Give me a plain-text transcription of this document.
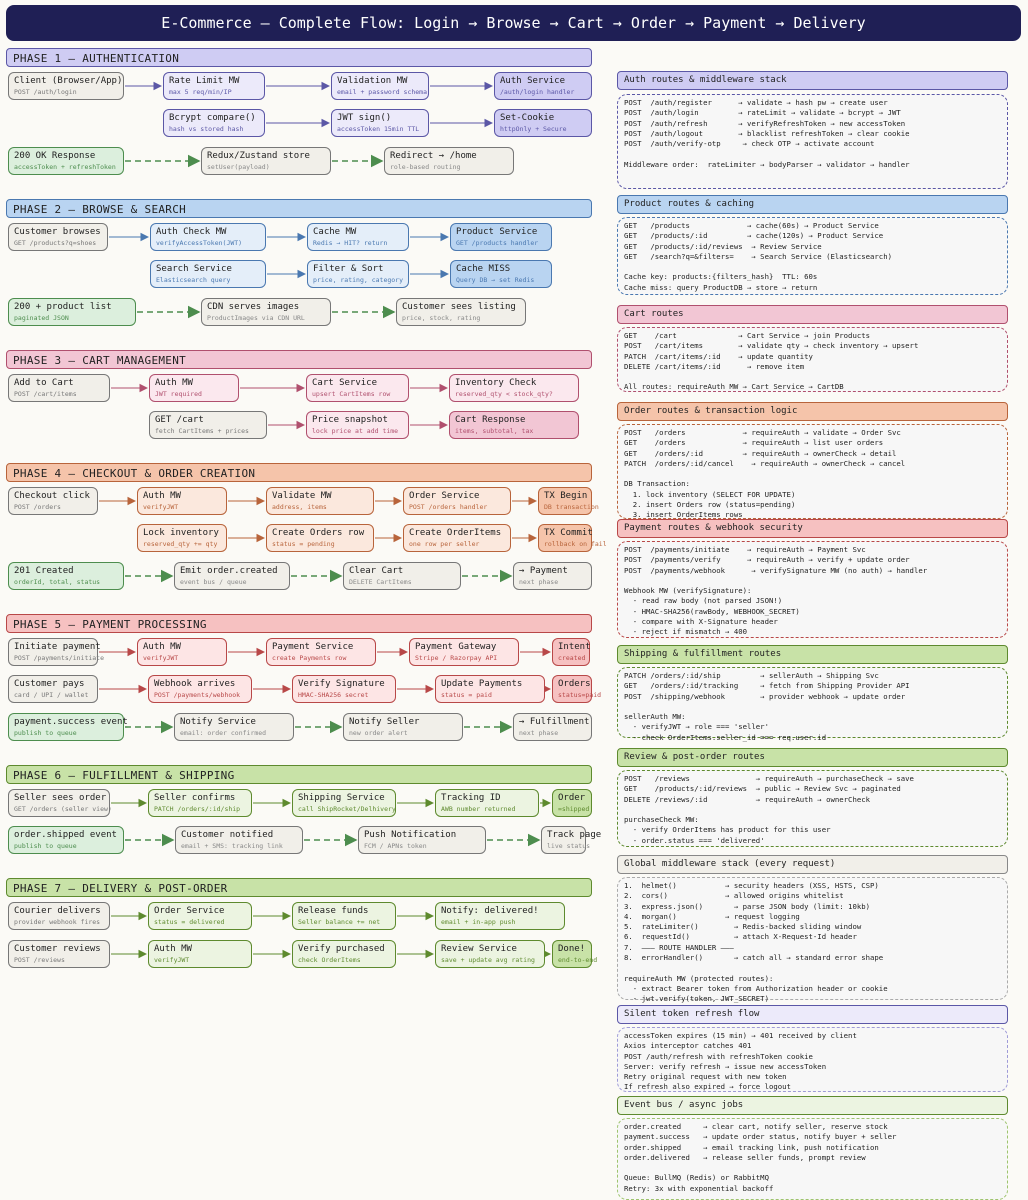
E-Commerce — Complete Flow: Login → Browse → Cart → Order → Payment → Delivery
PHASE 1 — AUTHENTICATION
Client (Browser/App)
POST /auth/login
Rate Limit MW
max 5 req/min/IP
Validation MW
email + password schema
Auth Service
/auth/login handler
Bcrypt compare()
hash vs stored hash
JWT sign()
accessToken 15min TTL
Set-Cookie
httpOnly + Secure
200 OK Response
accessToken + refreshToken
Redux/Zustand store
setUser(payload)
Redirect → /home
role-based routing
PHASE 2 — BROWSE & SEARCH
Customer browses
GET /products?q=shoes
Auth Check MW
verifyAccessToken(JWT)
Cache MW
Redis → HIT? return
Product Service
GET /products handler
Search Service
Elasticsearch query
Filter & Sort
price, rating, category
Cache MISS
Query DB → set Redis
200 + product list
paginated JSON
CDN serves images
ProductImages via CDN URL
Customer sees listing
price, stock, rating
PHASE 3 — CART MANAGEMENT
Add to Cart
POST /cart/items
Auth MW
JWT required
Cart Service
upsert CartItems row
Inventory Check
reserved_qty < stock_qty?
GET /cart
fetch CartItems + prices
Price snapshot
lock price at add time
Cart Response
items, subtotal, tax
PHASE 4 — CHECKOUT & ORDER CREATION
Checkout click
POST /orders
Auth MW
verifyJWT
Validate MW
address, items
Order Service
POST /orders handler
TX Begin
DB transaction
Lock inventory
reserved_qty += qty
Create Orders row
status = pending
Create OrderItems
one row per seller
TX Commit
rollback on fail
201 Created
orderId, total, status
Emit order.created
event bus / queue
Clear Cart
DELETE CartItems
→ Payment
next phase
PHASE 5 — PAYMENT PROCESSING
Initiate payment
POST /payments/initiate
Auth MW
verifyJWT
Payment Service
create Payments row
Payment Gateway
Stripe / Razorpay API
Intent
created
Customer pays
card / UPI / wallet
Webhook arrives
POST /payments/webhook
Verify Signature
HMAC-SHA256 secret
Update Payments
status = paid
Orders
status=paid
payment.success event
publish to queue
Notify Service
email: order confirmed
Notify Seller
new order alert
→ Fulfillment
next phase
PHASE 6 — FULFILLMENT & SHIPPING
Seller sees order
GET /orders (seller view)
Seller confirms
PATCH /orders/:id/ship
Shipping Service
call ShipRocket/Delhivery
Tracking ID
AWB number returned
Order
=shipped
order.shipped event
publish to queue
Customer notified
email + SMS: tracking link
Push Notification
FCM / APNs token
Track page
live status
PHASE 7 — DELIVERY & POST-ORDER
Courier delivers
provider webhook fires
Order Service
status = delivered
Release funds
Seller balance += net
Notify: delivered!
email + in-app push
Customer reviews
POST /reviews
Auth MW
verifyJWT
Verify purchased
check OrderItems
Review Service
save + update avg rating
Done!
end-to-end
Auth routes & middleware stack
POST  /auth/register      → validate → hash pw → create user
POST  /auth/login         → rateLimit → validate → bcrypt → JWT
POST  /auth/refresh       → verifyRefreshToken → new accessToken
POST  /auth/logout        → blacklist refreshToken → clear cookie
POST  /auth/verify-otp     → check OTP → activate account

Middleware order:  rateLimiter → bodyParser → validator → handler
Product routes & caching
GET   /products             → cache(60s) → Product Service
GET   /products/:id         → cache(120s) → Product Service
GET   /products/:id/reviews  → Review Service
GET   /search?q=&filters=    → Search Service (Elasticsearch)

Cache key: products:{filters_hash}  TTL: 60s
Cache miss: query ProductDB → store → return
Cart routes
GET    /cart              → Cart Service → join Products
POST   /cart/items        → validate qty → check inventory → upsert
PATCH  /cart/items/:id    → update quantity
DELETE /cart/items/:id      → remove item

All routes: requireAuth MW → Cart Service → CartDB
Order routes & transaction logic
POST   /orders             → requireAuth → validate → Order Svc
GET    /orders             → requireAuth → list user orders
GET    /orders/:id         → requireAuth → ownerCheck → detail
PATCH  /orders/:id/cancel    → requireAuth → ownerCheck → cancel

DB Transaction:
1. lock inventory (SELECT FOR UPDATE)
2. insert Orders row (status=pending)
3. insert OrderItems rows
Payment routes & webhook security
POST  /payments/initiate    → requireAuth → Payment Svc
POST  /payments/verify      → requireAuth → verify + update order
POST  /payments/webhook      → verifySignature MW (no auth) → handler

Webhook MW (verifySignature):
- read raw body (not parsed JSON!)
- HMAC-SHA256(rawBody, WEBHOOK_SECRET)
- compare with X-Signature header
- reject if mismatch → 400
Shipping & fulfillment routes
PATCH /orders/:id/ship         → sellerAuth → Shipping Svc
GET   /orders/:id/tracking     → fetch from Shipping Provider API
POST  /shipping/webhook        → provider webhook → update order

sellerAuth MW:
- verifyJWT → role === 'seller'
- check OrderItems.seller_id === req.user.id
Review & post-order routes
POST   /reviews               → requireAuth → purchaseCheck → save
GET    /products/:id/reviews  → public → Review Svc → paginated
DELETE /reviews/:id           → requireAuth → ownerCheck

purchaseCheck MW:
- verify OrderItems has product for this user
- order.status === 'delivered'
Global middleware stack (every request)
1.  helmet()           → security headers (XSS, HSTS, CSP)
2.  cors()             → allowed origins whitelist
3.  express.json()       → parse JSON body (limit: 10kb)
4.  morgan()           → request logging
5.  rateLimiter()        → Redis-backed sliding window
6.  requestId()          → attach X-Request-Id header
7.  ——— ROUTE HANDLER ———
8.  errorHandler()       → catch all → standard error shape

requireAuth MW (protected routes):
- extract Bearer token from Authorization header or cookie
- jwt.verify(token, JWT_SECRET)
Silent token refresh flow
accessToken expires (15 min) → 401 received by client
Axios interceptor catches 401
POST /auth/refresh with refreshToken cookie
Server: verify refresh → issue new accessToken
Retry original request with new token
If refresh also expired → force logout
Event bus / async jobs
order.created     → clear cart, notify seller, reserve stock
payment.success   → update order status, notify buyer + seller
order.shipped     → email tracking link, push notification
order.delivered   → release seller funds, prompt review

Queue: BullMQ (Redis) or RabbitMQ
Retry: 3x with exponential backoff
